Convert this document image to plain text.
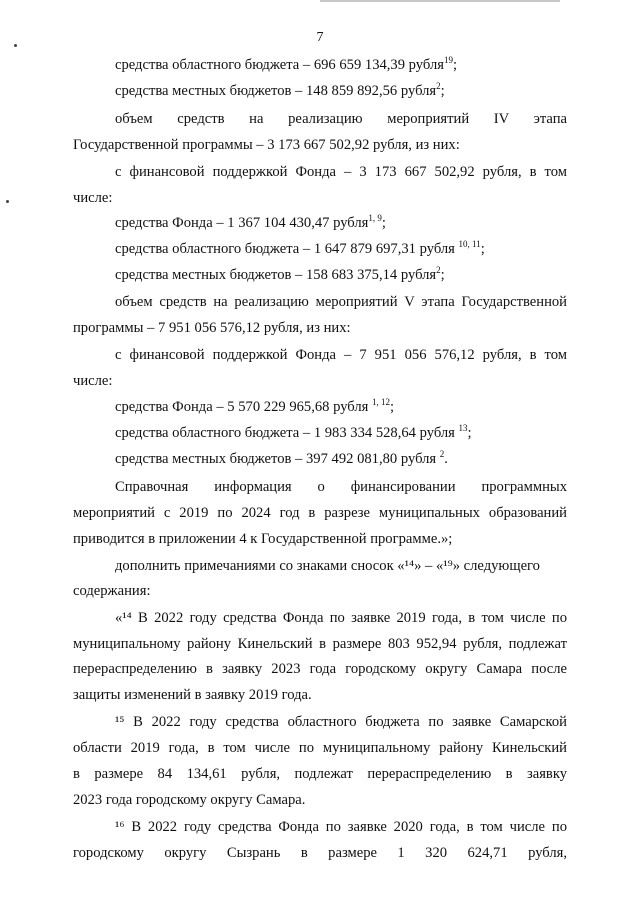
7
средства областного бюджета – 696 659 134,39 рубля$^{19}$;
средства местных бюджетов – 148 859 892,56 рубля$^2$;
объем средств на реализацию мероприятий IV этапа
Государственной программы – 3 173 667 502,92 рубля, из них:
с финансовой поддержкой Фонда – 3 173 667 502,92 рубля, в том
числе:
средства Фонда – 1 367 104 430,47 рубля$^{1, 9}$;
средства областного бюджета – 1 647 879 697,31 рубля $^{10, 11}$;
средства местных бюджетов – 158 683 375,14 рубля$^2$;
объем средств на реализацию мероприятий V этапа Государственной
программы – 7 951 056 576,12 рубля, из них:
с финансовой поддержкой Фонда – 7 951 056 576,12 рубля, в том
числе:
средства Фонда – 5 570 229 965,68 рубля $^{1, 12}$;
средства областного бюджета – 1 983 334 528,64 рубля $^{13}$;
средства местных бюджетов – 397 492 081,80 рубля $^2$.
Справочная информация о финансировании программных
мероприятий с 2019 по 2024 год в разрезе муниципальных образований
приводится в приложении 4 к Государственной программе.»;
дополнить примечаниями со знаками сносок «¹⁴» – «¹⁹» следующего
содержания:
«¹⁴ В 2022 году средства Фонда по заявке 2019 года, в том числе по
муниципальному району Кинельский в размере 803 952,94 рубля, подлежат
перераспределению в заявку 2023 года городскому округу Самара после
защиты изменений в заявку 2019 года.
¹⁵ В 2022 году средства областного бюджета по заявке Самарской
области 2019 года, в том числе по муниципальному району Кинельский
в размере 84 134,61 рубля, подлежат перераспределению в заявку
2023 года городскому округу Самара.
¹⁶ В 2022 году средства Фонда по заявке 2020 года, в том числе по
городскому округу Сызрань в размере 1 320 624,71 рубля,
